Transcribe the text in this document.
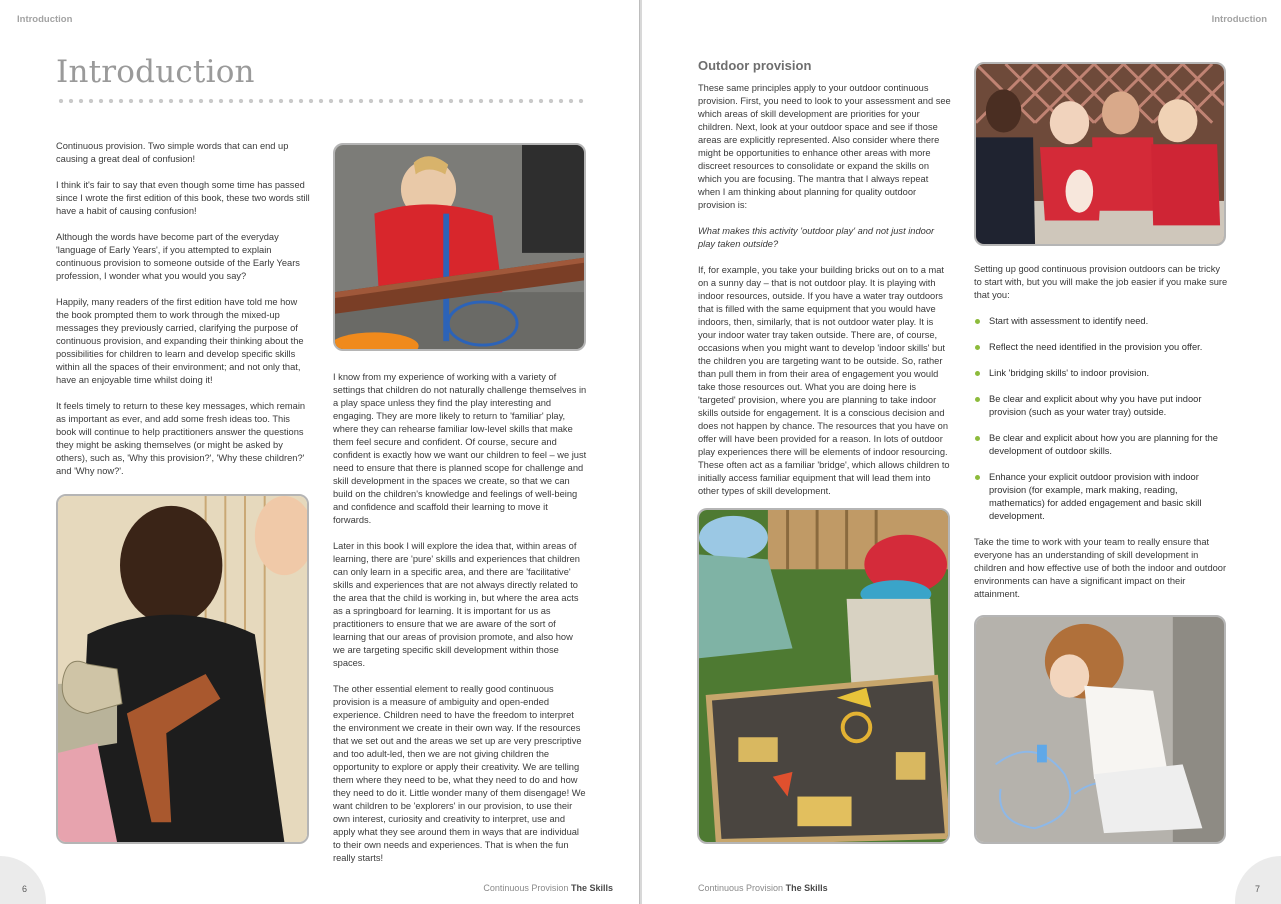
Introduction
Introduction

Continuous provision. Two simple words that can end up causing a great deal of confusion!

I think it's fair to say that even though some time has passed since I wrote the first edition of this book, these two words still have a habit of causing confusion!

Although the words have become part of the everyday 'language of Early Years', if you attempted to explain continuous provision to someone outside of the Early Years profession, I wonder what you would you say?

Happily, many readers of the first edition have told me how the book prompted them to work through the mixed-up messages they previously carried, clarifying the purpose of continuous provision, and expanding their thinking about the possibilities for children to learn and develop specific skills within all the spaces of their environment; and not only that, have an enjoyable time whilst doing it!

It feels timely to return to these key messages, which remain as important as ever, and add some fresh ideas too. This book will continue to help practitioners answer the questions they might be asking themselves (or might be asked by others), such as, 'Why this provision?', 'Why these children?' and 'Why now?'.

I know from my experience of working with a variety of settings that children do not naturally challenge themselves in a play space unless they find the play interesting and engaging. They are more likely to return to 'familiar' play, where they can rehearse familiar low-level skills that make them feel secure and confident. Of course, secure and confident is exactly how we want our children to feel – we just need to ensure that there is planned scope for challenge and skill development in the spaces we create, so that we can build on the children's knowledge and feelings of well-being and confidence and scaffold their learning to move it forwards.

Later in this book I will explore the idea that, within areas of learning, there are 'pure' skills and experiences that children can only learn in a specific area, and there are 'facilitative' skills and experiences that are not always directly related to the area that the child is working in, but where the area acts as a springboard for learning. It is important for us as practitioners to ensure that we are aware of the sort of learning that our areas of provision promote, and also how we are targeting specific skill development within those spaces.

The other essential element to really good continuous provision is a measure of ambiguity and open-ended experience. Children need to have the freedom to interpret the environment we create in their own way. If the resources that we set out and the areas we set up are very prescriptive and too adult-led, then we are not giving children the opportunity to explore or apply their creativity. We are telling them where they need to be, what they need to do and how they need to do it. Little wonder many of them disengage! We want children to be 'explorers' in our provision, to use their own interest, curiosity and creativity to interpret, use and apply what they see around them in ways that are individual to their own needs and experiences. That is when the fun really starts!

6	Continuous Provision The Skills
Introduction
Outdoor provision

These same principles apply to your outdoor continuous provision. First, you need to look to your assessment and see which areas of skill development are priorities for your children. Next, look at your outdoor space and see if those areas are explicitly represented. Also consider where there might be opportunities to enhance other areas with more discreet resources to consolidate or expand the skills on which you are focusing. The mantra that I always repeat when I am thinking about planning for quality outdoor provision is:

What makes this activity 'outdoor play' and not just indoor play taken outside?

If, for example, you take your building bricks out on to a mat on a sunny day – that is not outdoor play. It is playing with indoor resources, outside. If you have a water tray outdoors that is filled with the same equipment that you would have indoors, then, similarly, that is not outdoor water play. It is your indoor water tray taken outside. There are, of course, occasions when you might want to develop 'indoor skills' but the children you are targeting want to be outside. So, rather than pull them in from their area of engagement you would take those resources out. What you are doing here is 'targeted' provision, where you are planning to take indoor skills outside for engagement. It is a conscious decision and does not happen by chance. The resources that you have on offer will have been provided for a reason. In lots of outdoor play experiences there will be elements of indoor resourcing. These often act as a familiar 'bridge', which allows children to initially access familiar equipment that will lead them into other types of skill development.

Setting up good continuous provision outdoors can be tricky to start with, but you will make the job easier if you make sure that you:

Start with assessment to identify need.
Reflect the need identified in the provision you offer.
Link 'bridging skills' to indoor provision.
Be clear and explicit about why you have put indoor provision (such as your water tray) outside.
Be clear and explicit about how you are planning for the development of outdoor skills.
Enhance your explicit outdoor provision with indoor provision (for example, mark making, reading, mathematics) for added engagement and basic skill development.

Take the time to work with your team to really ensure that everyone has an understanding of skill development in children and how effective use of both the indoor and outdoor environments can have a significant impact on their attainment.

7
Continuous Provision The Skills
